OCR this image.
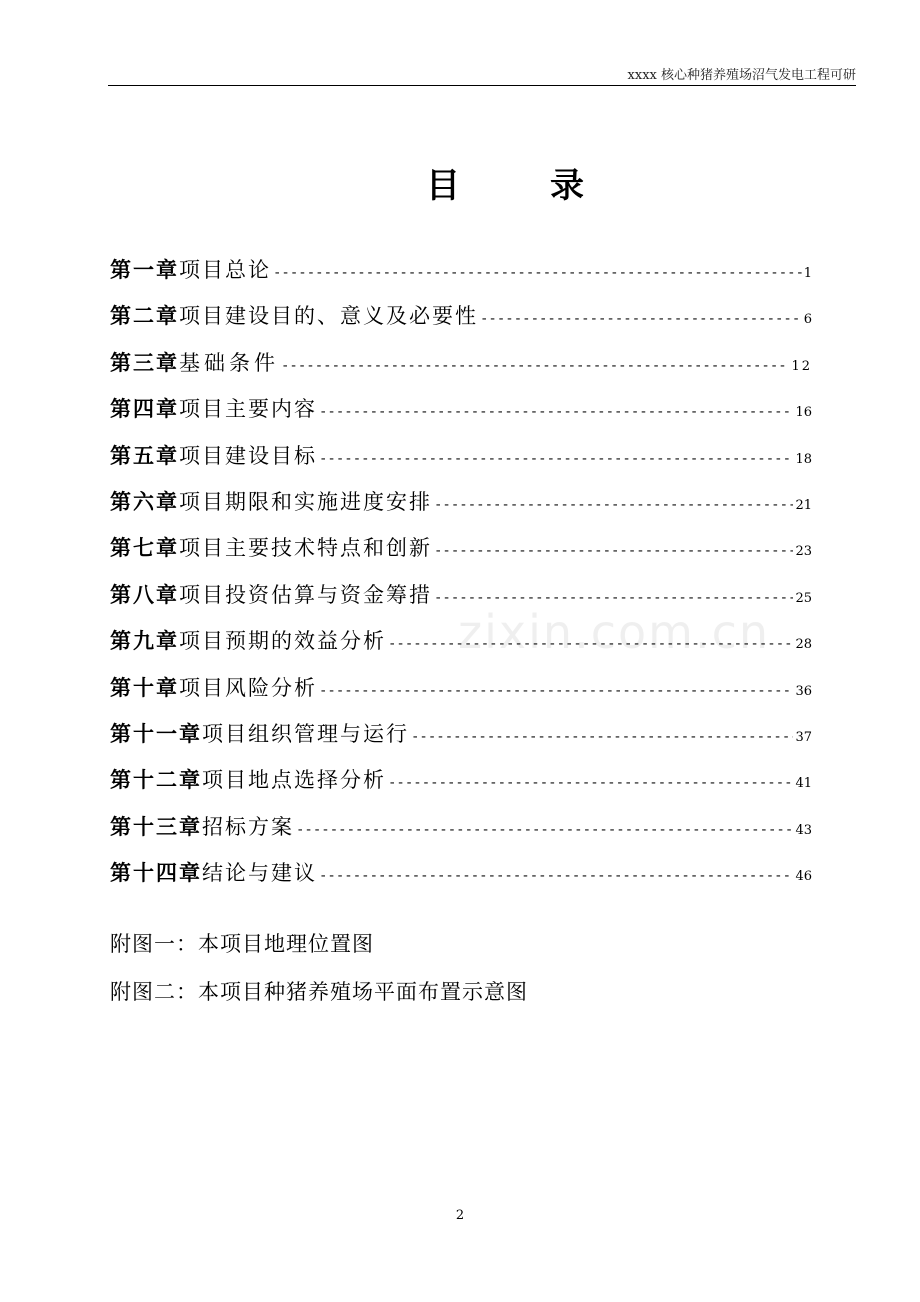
xxxx 核心种猪养殖场沼气发电工程可研
目录
第一章 项目总论 -----	1
第二章 项目建设目的、意义及必要性 -----	6
第三章 基础条件 -----	12
第四章 项目主要内容 -----	16
第五章 项目建设目标 -----	18
第六章 项目期限和实施进度安排 -----	21
第七章 项目主要技术特点和创新 -----	23
第八章 项目投资估算与资金筹措 -----	25
第九章 项目预期的效益分析 -----	28
第十章 项目风险分析 -----	36
第十一章 项目组织管理与运行 -----	37
第十二章 项目地点选择分析 -----	41
第十三章 招标方案 -----	43
第十四章 结论与建议 -----	46
附图一：本项目地理位置图
附图二：本项目种猪养殖场平面布置示意图
zixin.com.cn
2
